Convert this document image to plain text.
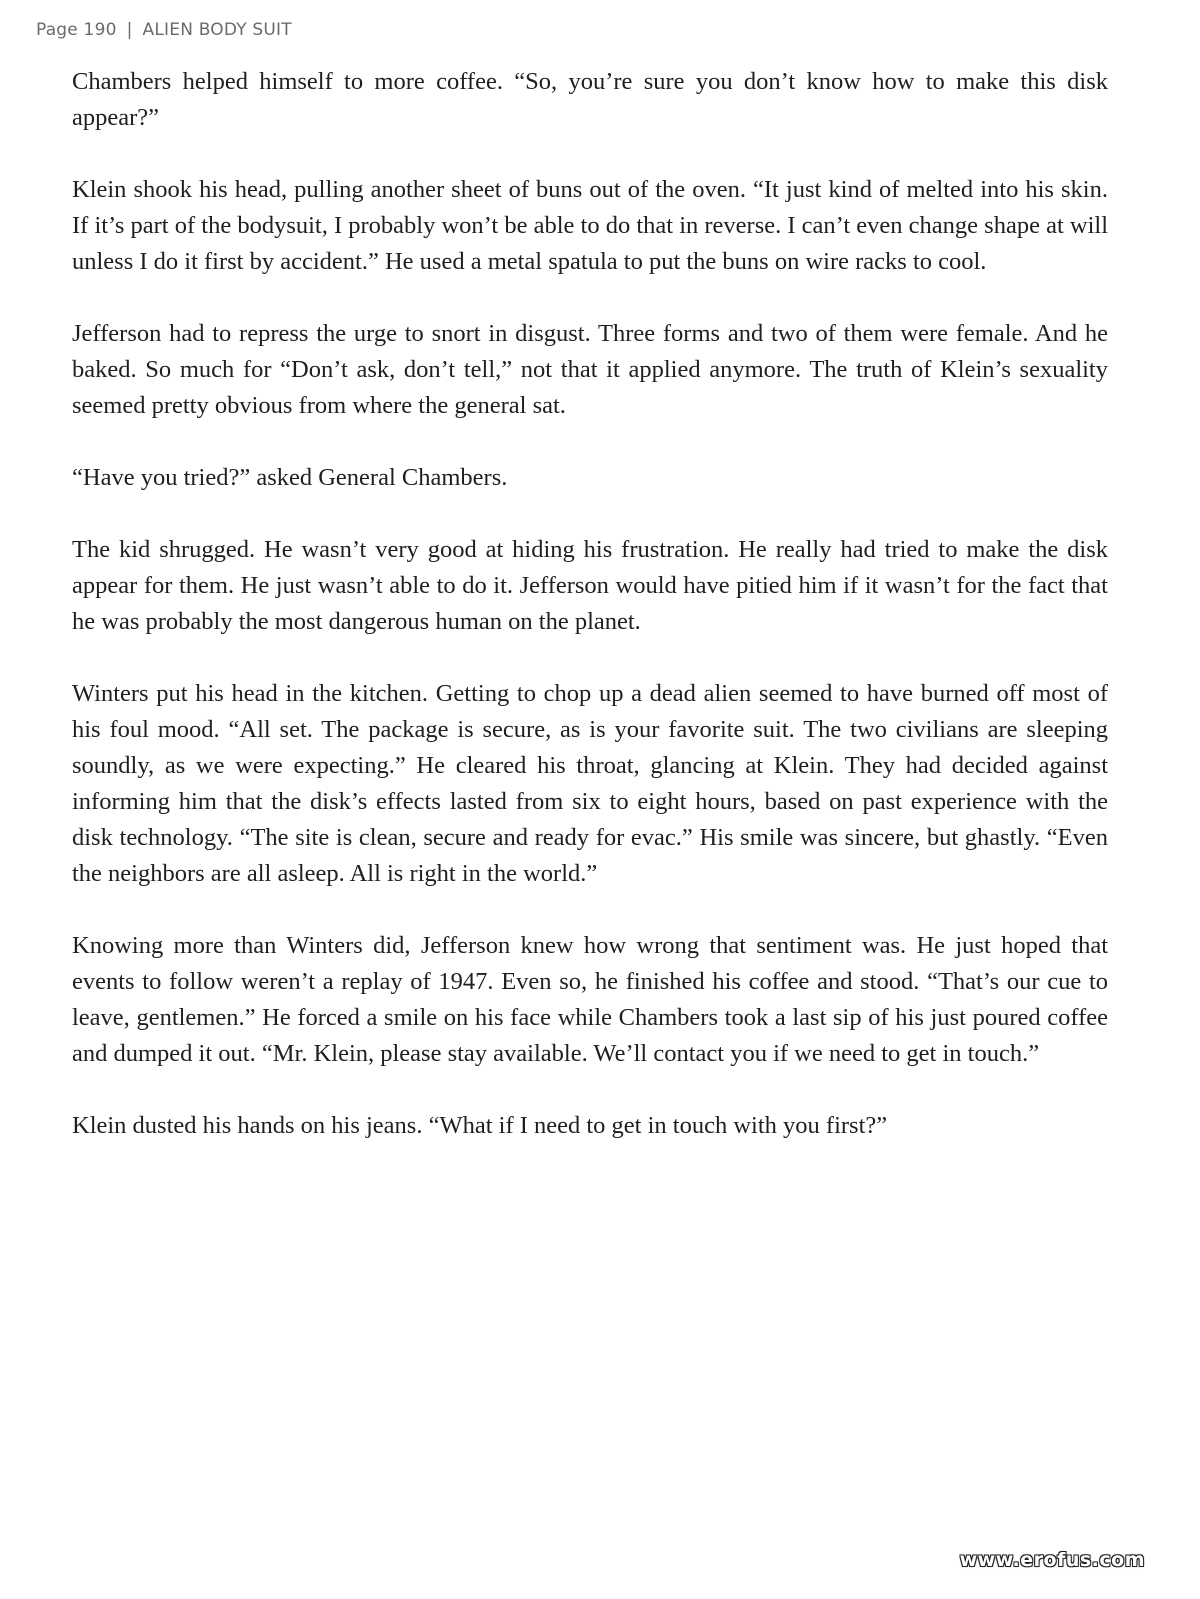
Page 190 | ALIEN BODY SUIT

Chambers helped himself to more coffee. “So, you’re sure you don’t know how to make this disk appear?”

Klein shook his head, pulling another sheet of buns out of the oven. “It just kind of melted into his skin. If it’s part of the bodysuit, I probably won’t be able to do that in reverse. I can’t even change shape at will unless I do it first by accident.” He used a metal spatula to put the buns on wire racks to cool.

Jefferson had to repress the urge to snort in disgust. Three forms and two of them were female. And he baked. So much for “Don’t ask, don’t tell,” not that it applied anymore. The truth of Klein’s sexuality seemed pretty obvious from where the general sat.

“Have you tried?” asked General Chambers.

The kid shrugged. He wasn’t very good at hiding his frustration. He really had tried to make the disk appear for them. He just wasn’t able to do it. Jefferson would have pitied him if it wasn’t for the fact that he was probably the most dangerous human on the planet.

Winters put his head in the kitchen. Getting to chop up a dead alien seemed to have burned off most of his foul mood. “All set. The package is secure, as is your favorite suit. The two civilians are sleeping soundly, as we were expecting.” He cleared his throat, glancing at Klein. They had decided against informing him that the disk’s effects lasted from six to eight hours, based on past experience with the disk technology. “The site is clean, secure and ready for evac.” His smile was sincere, but ghastly. “Even the neighbors are all asleep. All is right in the world.”

Knowing more than Winters did, Jefferson knew how wrong that sentiment was. He just hoped that events to follow weren’t a replay of 1947. Even so, he finished his coffee and stood. “That’s our cue to leave, gentlemen.” He forced a smile on his face while Chambers took a last sip of his just poured coffee and dumped it out. “Mr. Klein, please stay available. We’ll contact you if we need to get in touch.”

Klein dusted his hands on his jeans. “What if I need to get in touch with you first?”

www.erofus.com
